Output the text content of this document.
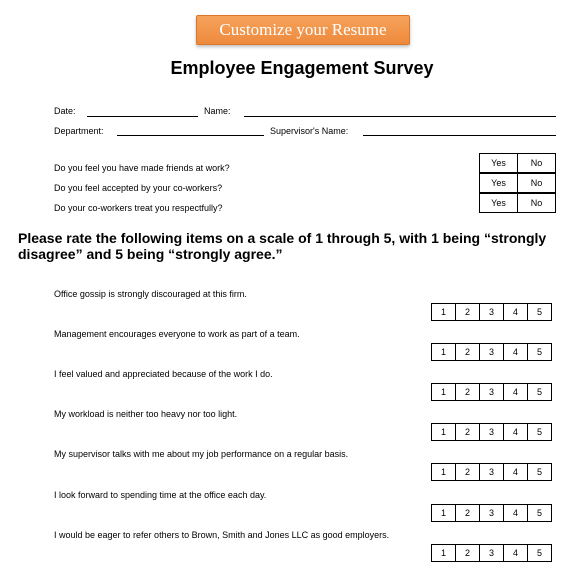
Customize your Resume
Employee Engagement Survey
Date:	Name:
Department:	Supervisor's Name:
Do you feel you have made friends at work?	Yes	No
Do you feel accepted by your co-workers?	Yes	No
Do your co-workers treat you respectfully?	Yes	No
Please rate the following items on a scale of 1 through 5, with 1 being “strongly disagree” and 5 being “strongly agree.”
Office gossip is strongly discouraged at this firm.
1	2	3	4	5
Management encourages everyone to work as part of a team.
1	2	3	4	5
I feel valued and appreciated because of the work I do.
1	2	3	4	5
My workload is neither too heavy nor too light.
1	2	3	4	5
My supervisor talks with me about my job performance on a regular basis.
1	2	3	4	5
I look forward to spending time at the office each day.
1	2	3	4	5
I would be eager to refer others to Brown, Smith and Jones LLC as good employers.
1	2	3	4	5
